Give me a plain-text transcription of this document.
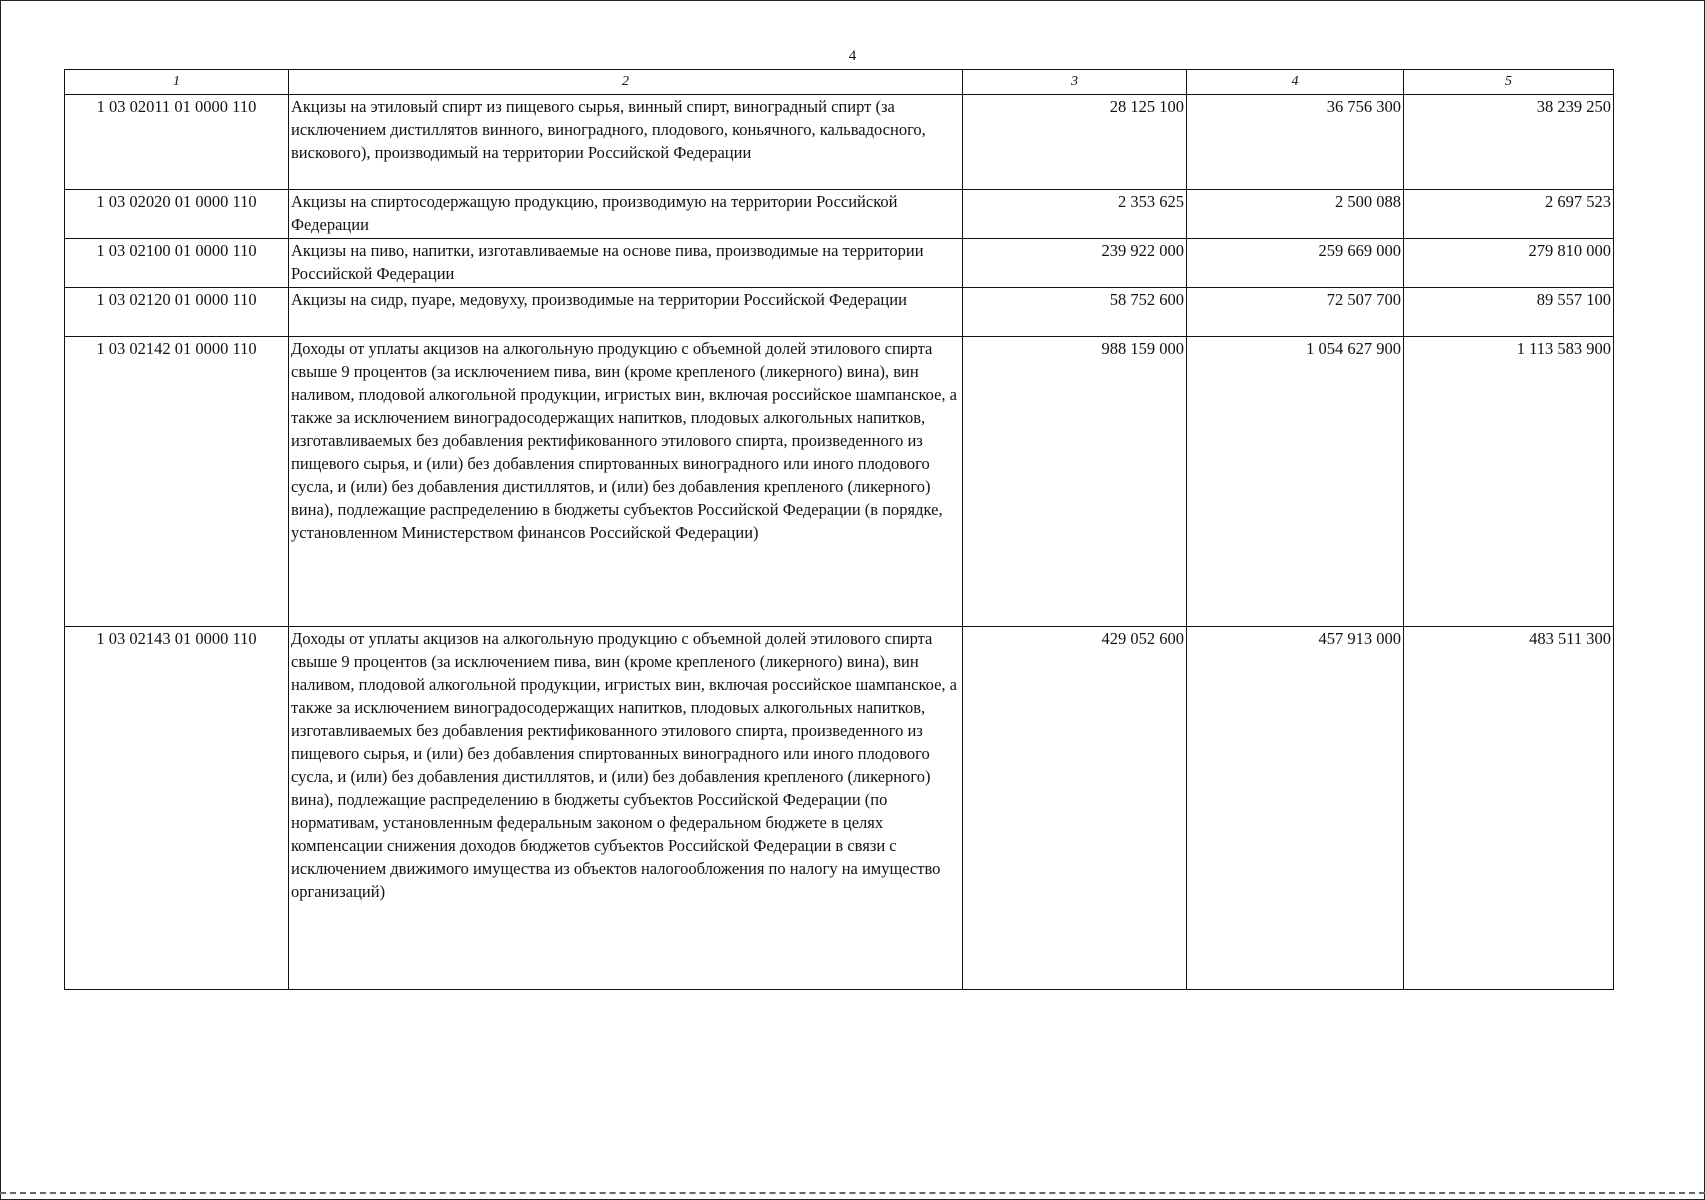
4
1	2	3	4	5
1 03 02011 01 0000 110	Акцизы на этиловый спирт из пищевого сырья, винный спирт, виноградный спирт (за исключением дистиллятов винного, виноградного, плодового, коньячного, кальвадосного, вискового), производимый на территории Российской Федерации	28 125 100	36 756 300	38 239 250
1 03 02020 01 0000 110	Акцизы на спиртосодержащую продукцию, производимую на территории Российской Федерации	2 353 625	2 500 088	2 697 523
1 03 02100 01 0000 110	Акцизы на пиво, напитки, изготавливаемые на основе пива, производимые на территории Российской Федерации	239 922 000	259 669 000	279 810 000
1 03 02120 01 0000 110	Акцизы на сидр, пуаре, медовуху, производимые на территории Российской Федерации	58 752 600	72 507 700	89 557 100
1 03 02142 01 0000 110	Доходы от уплаты акцизов на алкогольную продукцию с объемной долей этилового спирта свыше 9 процентов (за исключением пива, вин (кроме крепленого (ликерного) вина), вин наливом, плодовой алкогольной продукции, игристых вин, включая российское шампанское, а также за исключением виноградосодержащих напитков, плодовых алкогольных напитков, изготавливаемых без добавления ректификованного этилового спирта, произведенного из пищевого сырья, и (или) без добавления спиртованных виноградного или иного плодового сусла, и (или) без добавления дистиллятов, и (или) без добавления крепленого (ликерного) вина), подлежащие распределению в бюджеты субъектов Российской Федерации (в порядке, установленном Министерством финансов Российской Федерации)	988 159 000	1 054 627 900	1 113 583 900
1 03 02143 01 0000 110	Доходы от уплаты акцизов на алкогольную продукцию с объемной долей этилового спирта свыше 9 процентов (за исключением пива, вин (кроме крепленого (ликерного) вина), вин наливом, плодовой алкогольной продукции, игристых вин, включая российское шампанское, а также за исключением виноградосодержащих напитков, плодовых алкогольных напитков, изготавливаемых без добавления ректификованного этилового спирта, произведенного из пищевого сырья, и (или) без добавления спиртованных виноградного или иного плодового сусла, и (или) без добавления дистиллятов, и (или) без добавления крепленого (ликерного) вина), подлежащие распределению в бюджеты субъектов Российской Федерации (по нормативам, установленным федеральным законом о федеральном бюджете в целях компенсации снижения доходов бюджетов субъектов Российской Федерации в связи с исключением движимого имущества из объектов налогообложения по налогу на имущество организаций)	429 052 600	457 913 000	483 511 300
